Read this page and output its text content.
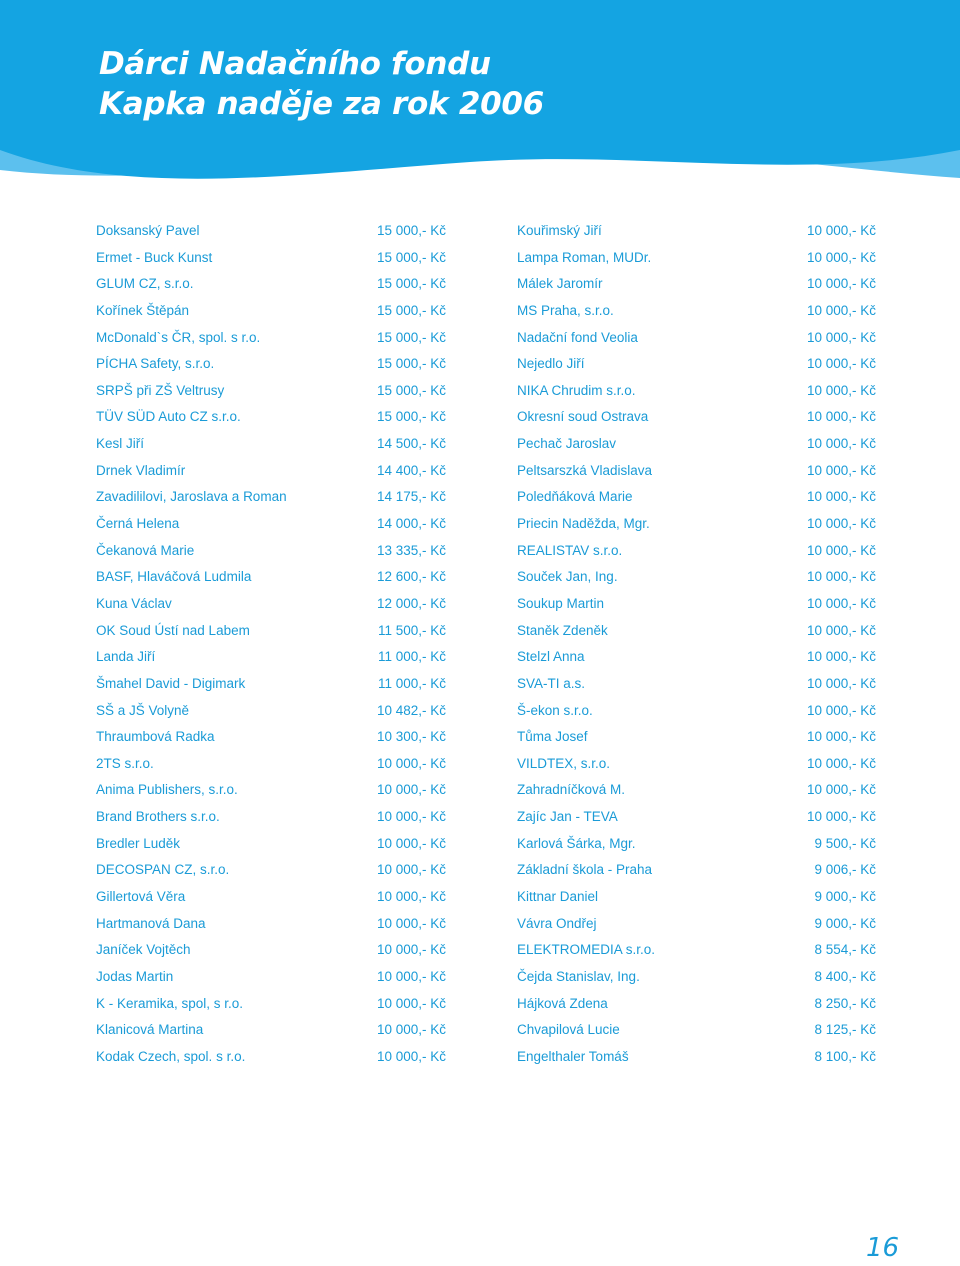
Dárci Nadačního fondu
Kapka naděje za rok 2006
Doksanský Pavel	15 000,- Kč
Ermet - Buck Kunst	15 000,- Kč
GLUM CZ, s.r.o.	15 000,- Kč
Kořínek Štěpán	15 000,- Kč
McDonald`s ČR, spol. s r.o.	15 000,- Kč
PÍCHA Safety, s.r.o.	15 000,- Kč
SRPŠ při ZŠ Veltrusy	15 000,- Kč
TÜV SÜD Auto CZ s.r.o.	15 000,- Kč
Kesl Jiří	14 500,- Kč
Drnek Vladimír	14 400,- Kč
Zavadililovi, Jaroslava a Roman	14 175,- Kč
Černá Helena	14 000,- Kč
Čekanová Marie	13 335,- Kč
BASF, Hlaváčová Ludmila	12 600,- Kč
Kuna Václav	12 000,- Kč
OK Soud Ústí nad Labem	11 500,- Kč
Landa Jiří	11 000,- Kč
Šmahel David - Digimark	11 000,- Kč
SŠ a JŠ Volyně	10 482,- Kč
Thraumbová Radka	10 300,- Kč
2TS s.r.o.	10 000,- Kč
Anima Publishers, s.r.o.	10 000,- Kč
Brand Brothers s.r.o.	10 000,- Kč
Bredler Luděk	10 000,- Kč
DECOSPAN CZ, s.r.o.	10 000,- Kč
Gillertová Věra	10 000,- Kč
Hartmanová Dana	10 000,- Kč
Janíček Vojtěch	10 000,- Kč
Jodas Martin	10 000,- Kč
K - Keramika, spol, s r.o.	10 000,- Kč
Klanicová Martina	10 000,- Kč
Kodak Czech, spol. s r.o.	10 000,- Kč
Kouřimský Jiří	10 000,- Kč
Lampa Roman, MUDr.	10 000,- Kč
Málek Jaromír	10 000,- Kč
MS Praha, s.r.o.	10 000,- Kč
Nadační fond Veolia	10 000,- Kč
Nejedlo Jiří	10 000,- Kč
NIKA Chrudim s.r.o.	10 000,- Kč
Okresní soud Ostrava	10 000,- Kč
Pechač Jaroslav	10 000,- Kč
Peltsarszká Vladislava	10 000,- Kč
Poledňáková Marie	10 000,- Kč
Priecin Naděžda, Mgr.	10 000,- Kč
REALISTAV s.r.o.	10 000,- Kč
Souček Jan, Ing.	10 000,- Kč
Soukup Martin	10 000,- Kč
Staněk Zdeněk	10 000,- Kč
Stelzl Anna	10 000,- Kč
SVA-TI a.s.	10 000,- Kč
Š-ekon s.r.o.	10 000,- Kč
Tůma Josef	10 000,- Kč
VILDTEX, s.r.o.	10 000,- Kč
Zahradníčková M.	10 000,- Kč
Zajíc Jan - TEVA	10 000,- Kč
Karlová Šárka, Mgr.	9 500,- Kč
Základní škola - Praha	9 006,- Kč
Kittnar Daniel	9 000,- Kč
Vávra Ondřej	9 000,- Kč
ELEKTROMEDIA s.r.o.	8 554,- Kč
Čejda Stanislav, Ing.	8 400,- Kč
Hájková Zdena	8 250,- Kč
Chvapilová Lucie	8 125,- Kč
Engelthaler Tomáš	8 100,- Kč
16
